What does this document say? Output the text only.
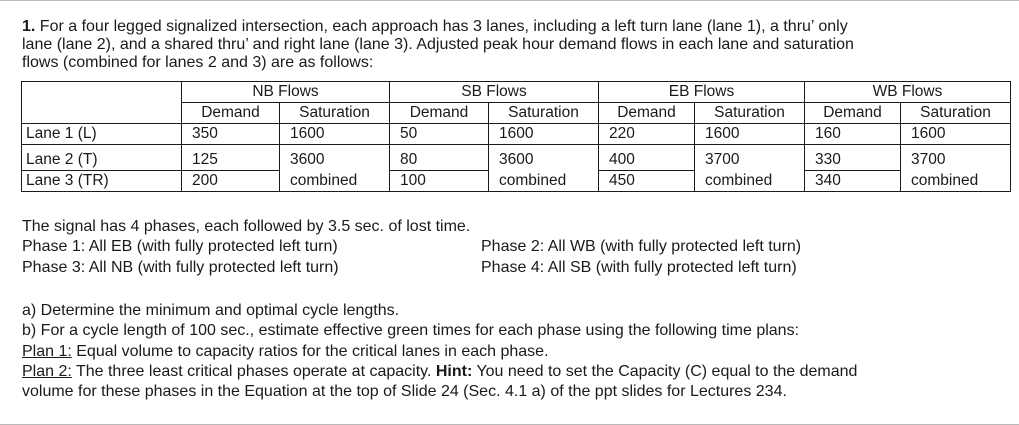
1. For a four legged signalized intersection, each approach has 3 lanes, including a left turn lane (lane 1), a thru’ only
lane (lane 2), and a shared thru’ and right lane (lane 3). Adjusted peak hour demand flows in each lane and saturation
flows (combined for lanes 2 and 3) are as follows:
	NB Flows		SB Flows		EB Flows		WB Flows	
	Demand	Saturation	Demand	Saturation	Demand	Saturation	Demand	Saturation
Lane 1 (L)	350	1600	50	1600	220	1600	160	1600

Lane 2 (T)	125	3600	80	3600	400	3700	330	3700
Lane 3 (TR)	200	combined	100	combined	450	combined	340	combined
The signal has 4 phases, each followed by 3.5 sec. of lost time.
Phase 1: All EB (with fully protected left turn)	Phase 2: All WB (with fully protected left turn)
Phase 3: All NB (with fully protected left turn)	Phase 4: All SB (with fully protected left turn)
a) Determine the minimum and optimal cycle lengths.
b) For a cycle length of 100 sec., estimate effective green times for each phase using the following time plans:
Plan 1: Equal volume to capacity ratios for the critical lanes in each phase.
Plan 2: The three least critical phases operate at capacity. Hint: You need to set the Capacity (C) equal to the demand
volume for these phases in the Equation at the top of Slide 24 (Sec. 4.1 a) of the ppt slides for Lectures 234.
